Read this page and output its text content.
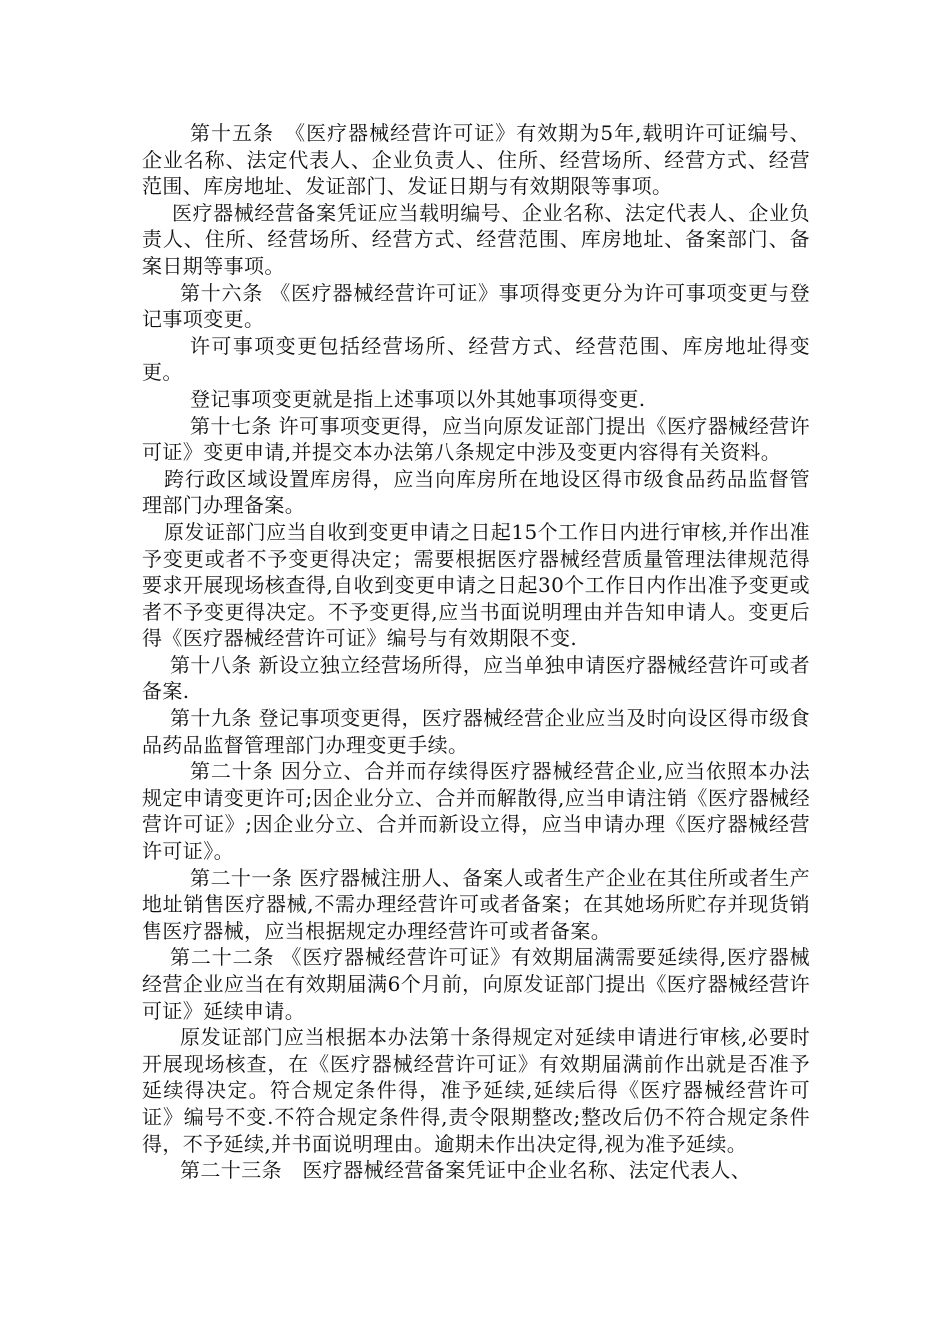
第十五条　《医疗器械经营许可证》有效期为5年,载明许可证编号、企业名称、法定代表人、企业负责人、住所、经营场所、经营方式、经营范围、库房地址、发证部门、发证日期与有效期限等事项。

医疗器械经营备案凭证应当载明编号、企业名称、法定代表人、企业负责人、住所、经营场所、经营方式、经营范围、库房地址、备案部门、备案日期等事项。

第十六条 《医疗器械经营许可证》事项得变更分为许可事项变更与登记事项变更。

许可事项变更包括经营场所、经营方式、经营范围、库房地址得变更。

登记事项变更就是指上述事项以外其她事项得变更.

第十七条 许可事项变更得，应当向原发证部门提出《医疗器械经营许可证》变更申请,并提交本办法第八条规定中涉及变更内容得有关资料。

跨行政区域设置库房得，应当向库房所在地设区得市级食品药品监督管理部门办理备案。

原发证部门应当自收到变更申请之日起15个工作日内进行审核,并作出准予变更或者不予变更得决定；需要根据医疗器械经营质量管理法律规范得要求开展现场核查得,自收到变更申请之日起30个工作日内作出准予变更或者不予变更得决定。不予变更得,应当书面说明理由并告知申请人。变更后得《医疗器械经营许可证》编号与有效期限不变.

第十八条 新设立独立经营场所得，应当单独申请医疗器械经营许可或者备案.

第十九条 登记事项变更得，医疗器械经营企业应当及时向设区得市级食品药品监督管理部门办理变更手续。

第二十条 因分立、合并而存续得医疗器械经营企业,应当依照本办法规定申请变更许可;因企业分立、合并而解散得,应当申请注销《医疗器械经营许可证》;因企业分立、合并而新设立得，应当申请办理《医疗器械经营许可证》。

第二十一条 医疗器械注册人、备案人或者生产企业在其住所或者生产地址销售医疗器械,不需办理经营许可或者备案；在其她场所贮存并现货销售医疗器械，应当根据规定办理经营许可或者备案。

第二十二条 《医疗器械经营许可证》有效期届满需要延续得,医疗器械经营企业应当在有效期届满6个月前，向原发证部门提出《医疗器械经营许可证》延续申请。

原发证部门应当根据本办法第十条得规定对延续申请进行审核,必要时开展现场核查，在《医疗器械经营许可证》有效期届满前作出就是否准予延续得决定。符合规定条件得，准予延续,延续后得《医疗器械经营许可证》编号不变.不符合规定条件得,责令限期整改;整改后仍不符合规定条件得，不予延续,并书面说明理由。逾期未作出决定得,视为准予延续。

第二十三条　医疗器械经营备案凭证中企业名称、法定代表人、
